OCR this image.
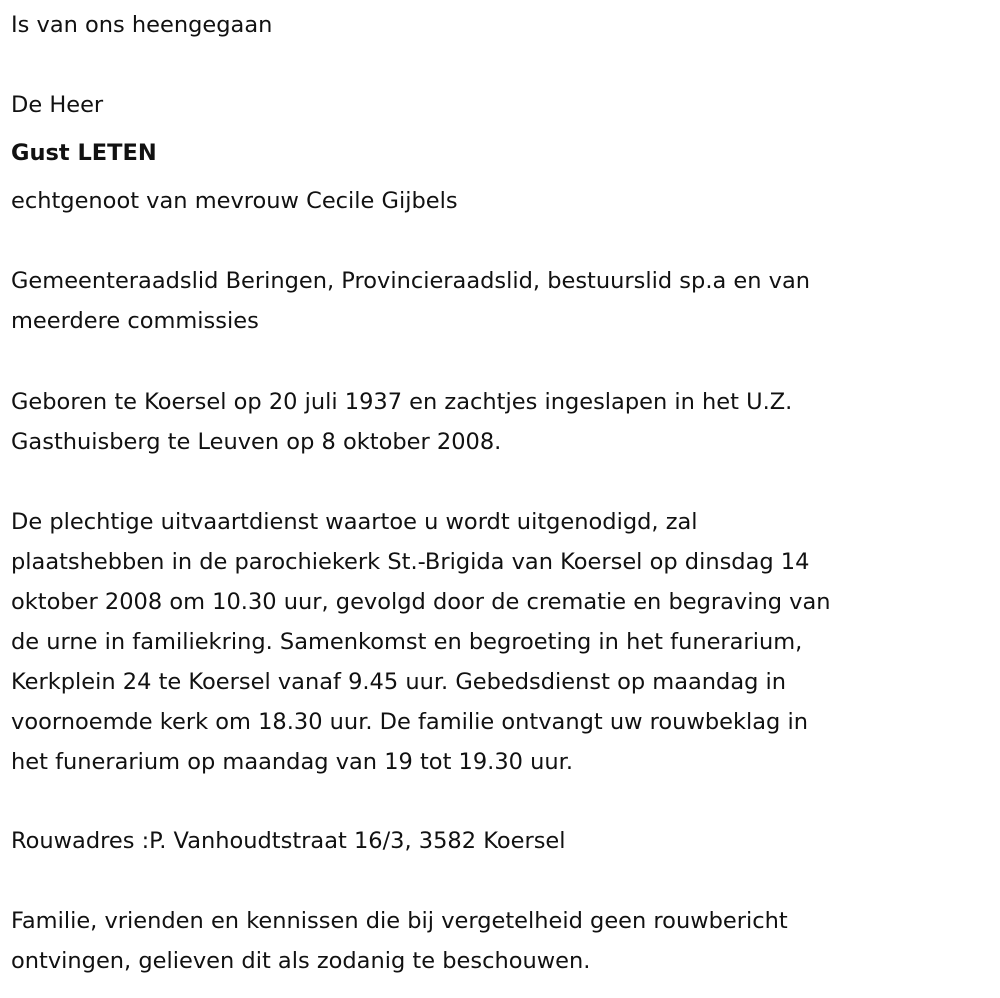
Is van ons heengegaan
De Heer
Gust LETEN
echtgenoot van mevrouw Cecile Gijbels
Gemeenteraadslid Beringen, Provincieraadslid, bestuurslid sp.a en van
meerdere commissies
Geboren te Koersel op 20 juli 1937 en zachtjes ingeslapen in het U.Z.
Gasthuisberg te Leuven op 8 oktober 2008.
De plechtige uitvaartdienst waartoe u wordt uitgenodigd, zal
plaatshebben in de parochiekerk St.-Brigida van Koersel op dinsdag 14
oktober 2008 om 10.30 uur, gevolgd door de crematie en begraving van
de urne in familiekring. Samenkomst en begroeting in het funerarium,
Kerkplein 24 te Koersel vanaf 9.45 uur. Gebedsdienst op maandag in
voornoemde kerk om 18.30 uur. De familie ontvangt uw rouwbeklag in
het funerarium op maandag van 19 tot 19.30 uur.
Rouwadres :P. Vanhoudtstraat 16/3, 3582 Koersel
Familie, vrienden en kennissen die bij vergetelheid geen rouwbericht
ontvingen, gelieven dit als zodanig te beschouwen.
